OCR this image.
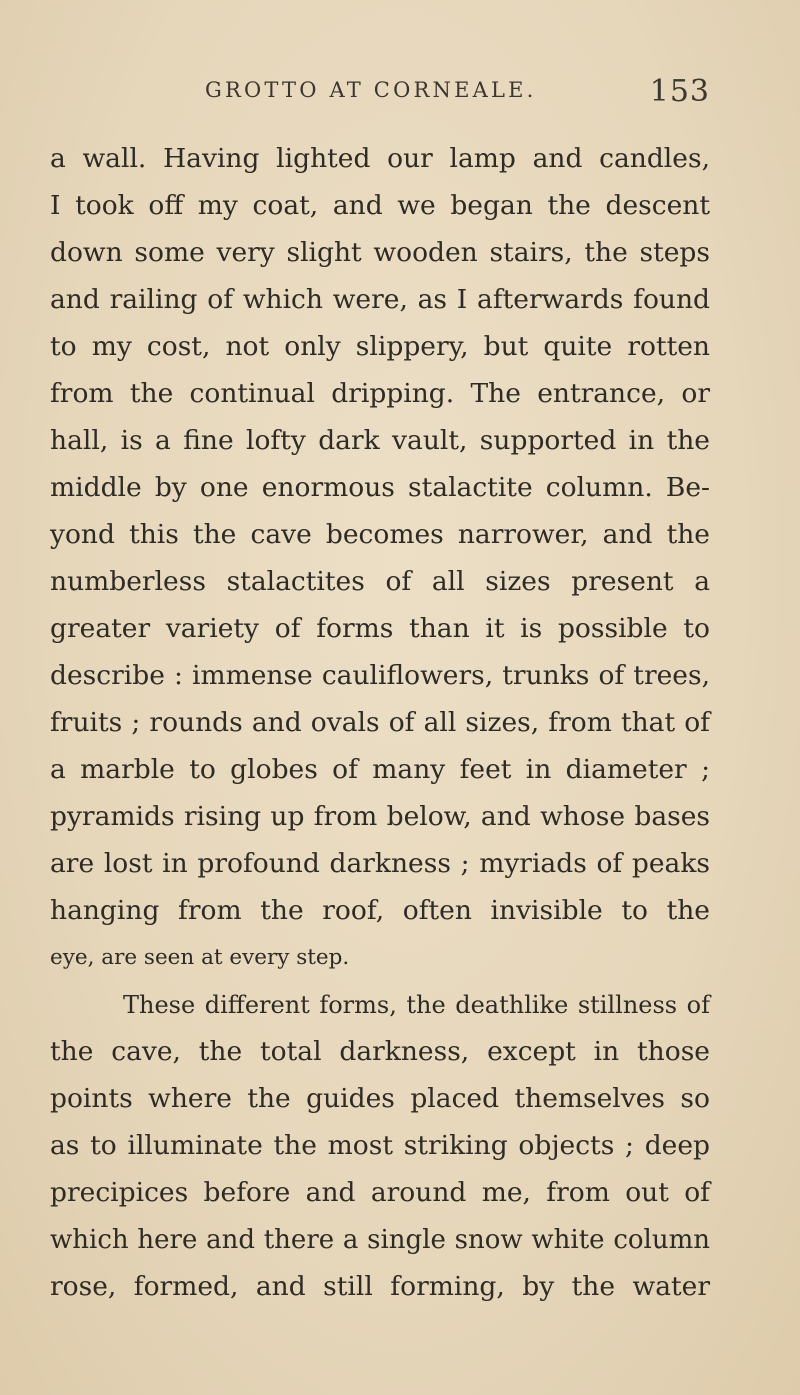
GROTTO AT CORNEALE.	153
a wall. Having lighted our lamp and candles,
I took off my coat, and we began the descent
down some very slight wooden stairs, the steps
and railing of which were, as I afterwards found
to my cost, not only slippery, but quite rotten
from the continual dripping. The entrance, or
hall, is a fine lofty dark vault, supported in the
middle by one enormous stalactite column. Be-
yond this the cave becomes narrower, and the
numberless stalactites of all sizes present a
greater variety of forms than it is possible to
describe : immense cauliflowers, trunks of trees,
fruits ; rounds and ovals of all sizes, from that of
a marble to globes of many feet in diameter ;
pyramids rising up from below, and whose bases
are lost in profound darkness ; myriads of peaks
hanging from the roof, often invisible to the
eye, are seen at every step.
These different forms, the deathlike stillness of
the cave, the total darkness, except in those
points where the guides placed themselves so
as to illuminate the most striking objects ; deep
precipices before and around me, from out of
which here and there a single snow white column
rose, formed, and still forming, by the water
